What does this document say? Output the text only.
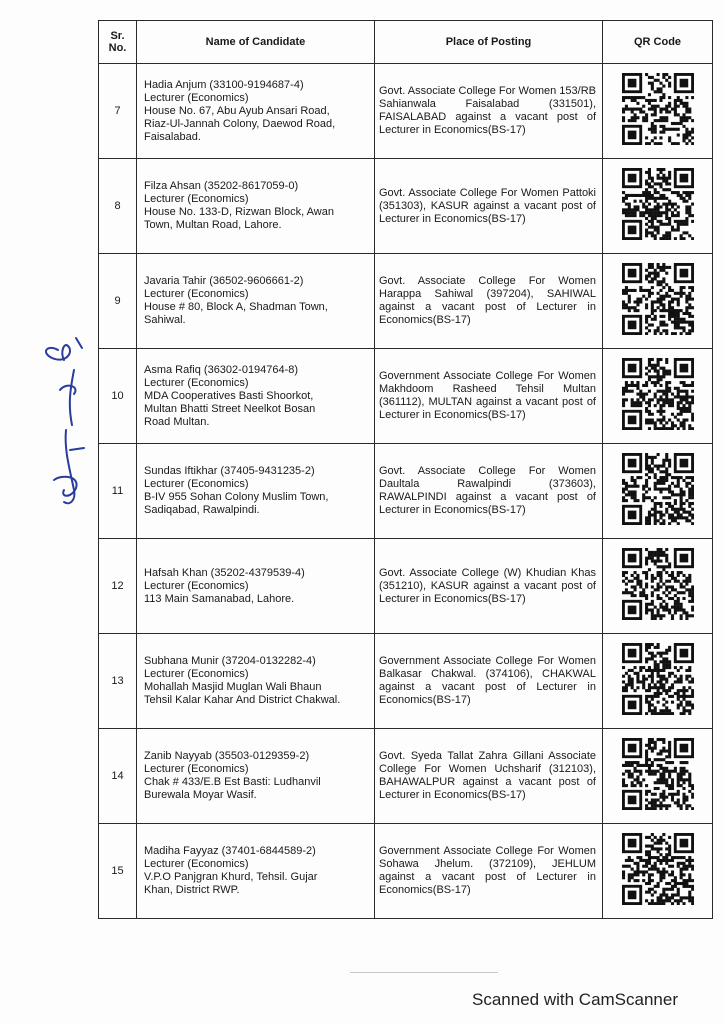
Sr. No.	Name of Candidate	Place of Posting	QR Code
7	Hadia Anjum (33100-9194687-4)
Lecturer (Economics)
House No. 67, Abu Ayub Ansari Road,
Riaz-Ul-Jannah Colony, Daewod Road,
Faisalabad.	Govt. Associate College For Women 153/RB Sahianwala Faisalabad (331501), FAISALABAD against a vacant post of Lecturer in Economics(BS-17)

8	Filza Ahsan (35202-8617059-0)
Lecturer (Economics)
House No. 133-D, Rizwan Block, Awan
Town, Multan Road, Lahore.	Govt. Associate College For Women Pattoki (351303), KASUR against a vacant post of Lecturer in Economics(BS-17)

9	Javaria Tahir (36502-9606661-2)
Lecturer (Economics)
House # 80, Block A, Shadman Town,
Sahiwal.	Govt. Associate College For Women Harappa Sahiwal (397204), SAHIWAL against a vacant post of Lecturer in Economics(BS-17)

10	Asma Rafiq (36302-0194764-8)
Lecturer (Economics)
MDA Cooperatives Basti Shoorkot,
Multan Bhatti Street Neelkot Bosan
Road Multan.	Government Associate College For Women Makhdoom Rasheed Tehsil Multan (361112), MULTAN against a vacant post of Lecturer in Economics(BS-17)

11	Sundas Iftikhar (37405-9431235-2)
Lecturer (Economics)
B-IV 955 Sohan Colony Muslim Town,
Sadiqabad, Rawalpindi.	Govt. Associate College For Women Daultala Rawalpindi (373603), RAWALPINDI against a vacant post of Lecturer in Economics(BS-17)

12	Hafsah Khan (35202-4379539-4)
Lecturer (Economics)
113 Main Samanabad, Lahore.	Govt. Associate College (W) Khudian Khas (351210), KASUR against a vacant post of Lecturer in Economics(BS-17)

13	Subhana Munir (37204-0132282-4)
Lecturer (Economics)
Mohallah Masjid Muglan Wali Bhaun
Tehsil Kalar Kahar And District Chakwal.	Government Associate College For Women Balkasar Chakwal. (374106), CHAKWAL against a vacant post of Lecturer in Economics(BS-17)

14	Zanib Nayyab (35503-0129359-2)
Lecturer (Economics)
Chak # 433/E.B Est Basti: Ludhanvil
Burewala Moyar Wasif.	Govt. Syeda Tallat Zahra Gillani Associate College For Women Uchsharif (312103), BAHAWALPUR against a vacant post of Lecturer in Economics(BS-17)

15	Madiha Fayyaz (37401-6844589-2)
Lecturer (Economics)
V.P.O Panjgran Khurd, Tehsil. Gujar
Khan, District RWP.	Government Associate College For Women Sohawa Jhelum. (372109), JEHLUM against a vacant post of Lecturer in Economics(BS-17)

Scanned with CamScanner
